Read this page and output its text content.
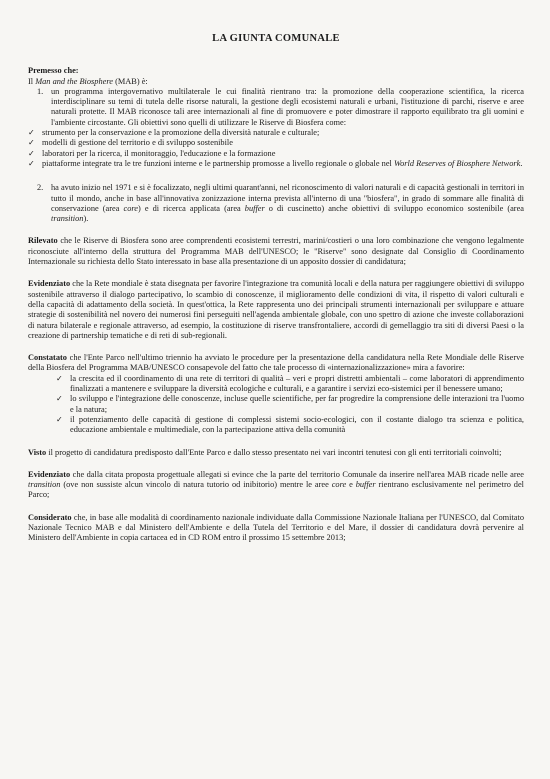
LA GIUNTA COMUNALE

Premesso che:

Il Man and the Biosphere (MAB) è:

1. un programma intergovernativo multilaterale le cui finalità rientrano tra: la promozione della cooperazione scientifica, la ricerca interdisciplinare su temi di tutela delle risorse naturali, la gestione degli ecosistemi naturali e urbani, l'istituzione di parchi, riserve e aree naturali protette. Il MAB riconosce tali aree internazionali al fine di promuovere e poter dimostrare il rapporto equilibrato tra gli uomini e l'ambiente circostante. Gli obiettivi sono quelli di utilizzare le Riserve di Biosfera come:
✓ strumento per la conservazione e la promozione della diversità naturale e culturale;
✓ modelli di gestione del territorio e di sviluppo sostenibile
✓ laboratori per la ricerca, il monitoraggio, l'educazione e la formazione
✓ piattaforme integrate tra le tre funzioni interne e le partnership promosse a livello regionale o globale nel World Reserves of Biosphere Network.
2. ha avuto inizio nel 1971 e si è focalizzato, negli ultimi quarant'anni, nel riconoscimento di valori naturali e di capacità gestionali in territori in tutto il mondo, anche in base all'innovativa zonizzazione interna prevista all'interno di una "biosfera", in grado di sommare alle finalità di conservazione (area core) e di ricerca applicata (area buffer o di cuscinetto) anche obiettivi di sviluppo economico sostenibile (area transition).

Rilevato che le Riserve di Biosfera sono aree comprendenti ecosistemi terrestri, marini/costieri o una loro combinazione che vengono legalmente riconosciute all'interno della struttura del Programma MAB dell'UNESCO; le "Riserve" sono designate dal Consiglio di Coordinamento Internazionale su richiesta dello Stato interessato in base alla presentazione di un apposito dossier di candidatura;

Evidenziato che la Rete mondiale è stata disegnata per favorire l'integrazione tra comunità locali e della natura per raggiungere obiettivi di sviluppo sostenibile attraverso il dialogo partecipativo, lo scambio di conoscenze, il miglioramento delle condizioni di vita, il rispetto di valori culturali e della capacità di adattamento della società. In quest'ottica, la Rete rappresenta uno dei principali strumenti internazionali per sviluppare e attuare strategie di sostenibilità nel novero dei numerosi fini perseguiti nell'agenda ambientale globale, con uno spettro di azione che investe collaborazioni di natura bilaterale e regionale attraverso, ad esempio, la costituzione di riserve transfrontaliere, accordi di gemellaggio tra siti di diversi Paesi o la creazione di partnership tematiche e di reti di sub-regionali.

Constatato che l'Ente Parco nell'ultimo triennio ha avviato le procedure per la presentazione della candidatura nella Rete Mondiale delle Riserve della Biosfera del Programma MAB/UNESCO consapevole del fatto che tale processo di «internazionalizzazione» mira a favorire:

✓ la crescita ed il coordinamento di una rete di territori di qualità – veri e propri distretti ambientali – come laboratori di apprendimento finalizzati a mantenere e sviluppare la diversità ecologiche e culturali, e a garantire i servizi eco-sistemici per il benessere umano;
✓ lo sviluppo e l'integrazione delle conoscenze, incluse quelle scientifiche, per far progredire la comprensione delle interazioni tra l'uomo e la natura;
✓ il potenziamento delle capacità di gestione di complessi sistemi socio-ecologici, con il costante dialogo tra scienza e politica, educazione ambientale e multimediale, con la partecipazione attiva della comunità

Visto il progetto di candidatura predisposto dall'Ente Parco e dallo stesso presentato nei vari incontri tenutesi con gli enti territoriali coinvolti;

Evidenziato che dalla citata proposta progettuale allegati si evince che la parte del territorio Comunale da inserire nell'area MAB ricade nelle aree transition (ove non sussiste alcun vincolo di natura tutorio od inibitorio) mentre le aree core e buffer rientrano esclusivamente nel perimetro del Parco;

Considerato che, in base alle modalità di coordinamento nazionale individuate dalla Commissione Nazionale Italiana per l'UNESCO, dal Comitato Nazionale Tecnico MAB e dal Ministero dell'Ambiente e della Tutela del Territorio e del Mare, il dossier di candidatura dovrà pervenire al Ministero dell'Ambiente in copia cartacea ed in CD ROM entro il prossimo 15 settembre 2013;
